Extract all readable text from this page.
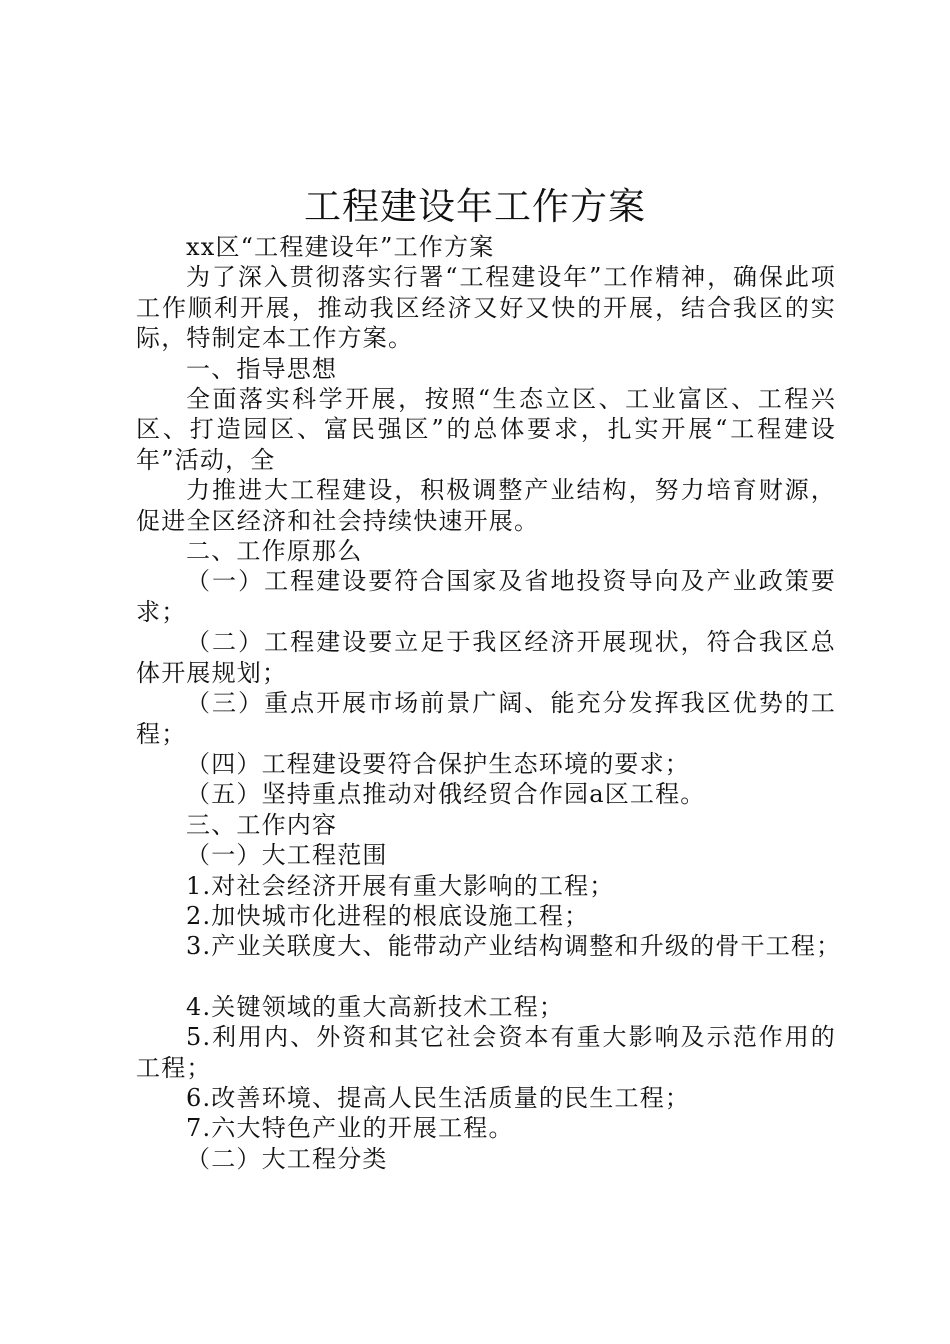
工程建设年工作方案

xx区“工程建设年”工作方案

为了深入贯彻落实行署“工程建设年”工作精神，确保此项工作顺利开展，推动我区经济又好又快的开展，结合我区的实际，特制定本工作方案。

一、指导思想

全面落实科学开展，按照“生态立区、工业富区、工程兴区、打造园区、富民强区”的总体要求，扎实开展“工程建设年”活动，全

力推进大工程建设，积极调整产业结构，努力培育财源，促进全区经济和社会持续快速开展。

二、工作原那么

（一）工程建设要符合国家及省地投资导向及产业政策要求；

（二）工程建设要立足于我区经济开展现状，符合我区总体开展规划；

（三）重点开展市场前景广阔、能充分发挥我区优势的工程；

（四）工程建设要符合保护生态环境的要求；

（五）坚持重点推动对俄经贸合作园a区工程。

三、工作内容

（一）大工程范围

1.对社会经济开展有重大影响的工程；

2.加快城市化进程的根底设施工程；

3.产业关联度大、能带动产业结构调整和升级的骨干工程；

4.关键领域的重大高新技术工程；

5.利用内、外资和其它社会资本有重大影响及示范作用的工程；

6.改善环境、提高人民生活质量的民生工程；

7.六大特色产业的开展工程。

（二）大工程分类
